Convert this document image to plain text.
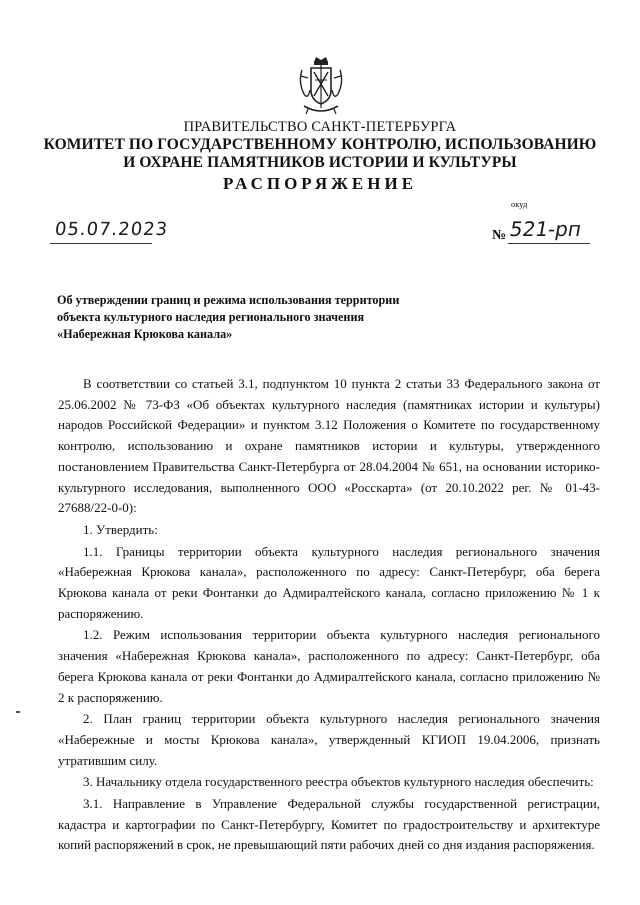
ПРАВИТЕЛЬСТВО САНКТ-ПЕТЕРБУРГА
КОМИТЕТ ПО ГОСУДАРСТВЕННОМУ КОНТРОЛЮ, ИСПОЛЬЗОВАНИЮ
И ОХРАНЕ ПАМЯТНИКОВ ИСТОРИИ И КУЛЬТУРЫ
РАСПОРЯЖЕНИЕ
окуд
05.07.2023	№ 521-рп
Об утверждении границ и режима использования территории
объекта культурного наследия регионального значения
«Набережная Крюкова канала»

В соответствии со статьей 3.1, подпунктом 10 пункта 2 статьи 33 Федерального закона от 25.06.2002 № 73-ФЗ «Об объектах культурного наследия (памятниках истории и культуры) народов Российской Федерации» и пунктом 3.12 Положения о Комитете по государственному контролю, использованию и охране памятников истории и культуры, утвержденного постановлением Правительства Санкт-Петербурга от 28.04.2004 № 651, на основании историко-культурного исследования, выполненного ООО «Росскарта» (от 20.10.2022 рег. № 01-43-27688/22-0-0):

1. Утвердить:

1.1. Границы территории объекта культурного наследия регионального значения «Набережная Крюкова канала», расположенного по адресу: Санкт-Петербург, оба берега Крюкова канала от реки Фонтанки до Адмиралтейского канала, согласно приложению № 1 к распоряжению.

1.2. Режим использования территории объекта культурного наследия регионального значения «Набережная Крюкова канала», расположенного по адресу: Санкт-Петербург, оба берега Крюкова канала от реки Фонтанки до Адмиралтейского канала, согласно приложению № 2 к распоряжению.

2. План границ территории объекта культурного наследия регионального значения «Набережные и мосты Крюкова канала», утвержденный КГИОП 19.04.2006, признать утратившим силу.

3. Начальнику отдела государственного реестра объектов культурного наследия обеспечить:

3.1. Направление в Управление Федеральной службы государственной регистрации, кадастра и картографии по Санкт-Петербургу, Комитет по градостроительству и архитектуре копий распоряжений в срок, не превышающий пяти рабочих дней со дня издания распоряжения.
